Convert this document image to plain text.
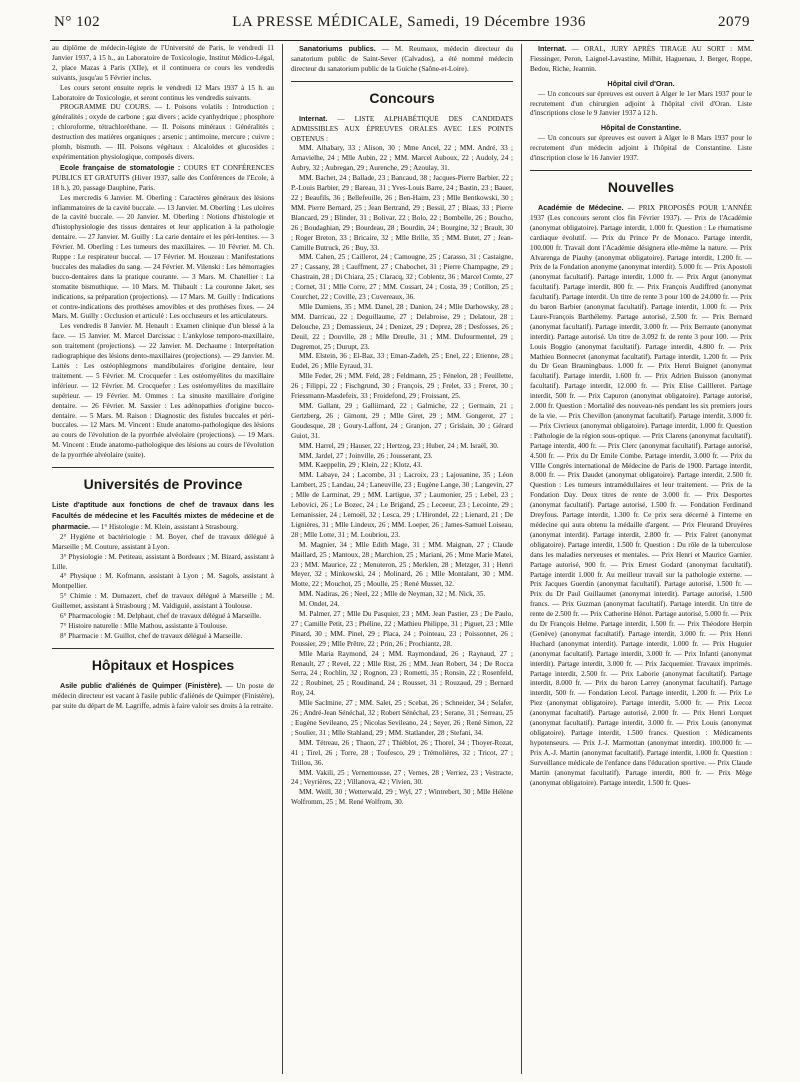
N° 102	LA PRESSE MÉDICALE, Samedi, 19 Décembre 1936	2079

au diplôme de médecin-légiste de l'Université de Paris, le vendredi 11 Janvier 1937, à 15 h., au Laboratoire de Toxicologie, Institut Médico-Légal, 2, place Mazas à Paris (XIIe), et il continuera ce cours les vendredis suivants, jusqu'au 5 Février inclus.

Les cours seront ensuite repris le vendredi 12 Mars 1937 à 15 h. au Laboratoire de Toxicologie, et seront continus les vendredis suivants.

PROGRAMME DU COURS. — I. Poisons volatils : Introduction ; généralités ; oxyde de carbone ; gaz divers ; acide cyanhydrique ; phosphore ; chloroforme, tétrachloréthane. — II. Poisons minéraux : Généralités ; destruction des matières organiques ; arsenic ; antimoine, mercure ; cuivre ; plomb, bismuth. — III. Poisons végétaux : Alcaloïdes et glucosides ; expérimentation physiologique, composés divers.

Ecole française de stomatologie : COURS ET CONFÉRENCES PUBLICS ET GRATUITS (Hiver 1937, salle des Conférences de l'Ecole, à 18 h.), 20, passage Dauphine, Paris.

Les mercredis 6 Janvier. M. Oberling : Caractères généraux des lésions inflammatoires de la cavité buccale. — 13 Janvier. M. Oberling : Les ulcères de la cavité buccale. — 20 Janvier. M. Oberling : Notions d'histologie et d'histophysiologie des tissus dentaires et leur application à la pathologie dentaire. — 27 Janvier. M. Guilly : La carie dentaire et les péri-lentites. — 3 Février. M. Oberling : Les tumeurs des maxillaires. — 10 Février. M. Ch. Ruppe : Le respirateur buccal. — 17 Février. M. Houzeau : Manifestations buccales des maladies du sang. — 24 Février. M. Vilenski : Les hémorragies bucco-dentaires dans la pratique courante. — 3 Mars. M. Chatellier : La stomatite bismuthique. — 10 Mars. M. Thibault : La couronne Jaket, ses indications, sa préparation (projections). — 17 Mars. M. Guilly : Indications et contre-indications des prothèses amovibles et des prothèses fixes. — 24 Mars. M. Guilly : Occlusion et articulé : Les occluseurs et les articulateurs.

Les vendredis 8 Janvier. M. Henault : Examen clinique d'un blessé à la face. — 15 Janvier. M. Marcel Darcissac : L'ankylose temporo-maxillaire, son traitement (projections). — 22 Janvier. M. Dechaume : Interprétation radiographique des lésions dento-maxillaires (projections). — 29 Janvier. M. Lattès : Les ostéophlegmons mandibulaires d'origine dentaire, leur traitement. — 5 Février. M. Crocquefer : Les ostéomyélites du maxillaire inférieur. — 12 Février. M. Crocquefer : Les ostéomyélites du maxillaire supérieur. — 19 Février. M. Ommes : La sinusite maxillaire d'origine dentaire. — 26 Février. M. Sassier : Les adénopathies d'origine bucco-dentaire. — 5 Mars. M. Raison : Diagnostic des fistules buccales et péri-buccales. — 12 Mars. M. Vincent : Etude anatomo-pathologique des lésions au cours de l'évolution de la pyorrhée alvéolaire (projections). — 19 Mars. M. Vincent : Etude anatomo-pathologique des lésions au cours de l'évolution de la pyorrhée alvéolaire (suite).

Universités de Province

Liste d'aptitude aux fonctions de chef de travaux dans les Facultés de médecine et les Facultés mixtes de médecine et de pharmacie. — 1° Histologie : M. Klein, assistant à Strasbourg.

2° Hygiène et bactériologie : M. Boyer, chef de travaux délégué à Marseille ; M. Couture, assistant à Lyon.

3° Physiologie : M. Petiteau, assistant à Bordeaux ; M. Bizard, assistant à Lille.

4° Physique : M. Kofmann, assistant à Lyon ; M. Sagols, assistant à Montpellier.

5° Chimie : M. Dumazert, chef de travaux délégué à Marseille ; M. Guillemet, assistant à Strasbourg ; M. Valdiguié, assistant à Toulouse.

6° Pharmacologie : M. Delphaut, chef de travaux délégué à Marseille.

7° Histoire naturelle : Mlle Mathou, assistante à Toulouse.

8° Pharmacie : M. Guillot, chef de travaux délégué à Marseille.

Hôpitaux et Hospices

Asile public d'aliénés de Quimper (Finistère). — Un poste de médecin directeur est vacant à l'asile public d'aliénés de Quimper (Finistère), par suite du départ de M. Lagriffe, admis à faire valoir ses droits à la retraite.

Sanatoriums publics. — M. Reumaux, médecin directeur du sanatorium public de Saint-Sever (Calvados), a été nommé médecin directeur du sanatorium public de la Guiche (Saône-et-Loire).

Concours

Internat. — LISTE ALPHABÉTIQUE DES CANDIDATS ADMISSIBLES AUX ÉPREUVES ORALES AVEC LES POINTS OBTENUS :

MM. Alhabary, 33 ; Alison, 30 ; Mme Ancel, 22 ; MM. André, 33 ; Arnavielhe, 24 ; Mlle Aubin, 22 ; MM. Marcel Auboux, 22 ; Audoly, 24 ; Aubry, 32 ; Aubregan, 29 ; Aurenche, 29 ; Azoulay, 31.

MM. Bachet, 24 ; Ballade, 23 ; Bancaud, 38 ; Jacques-Pierre Barbier, 22 ; P.-Louis Barbier, 29 ; Bareau, 31 ; Yves-Louis Barre, 24 ; Bastin, 23 ; Bauer, 22 ; Beaufils, 36 ; Bellefeuille, 26 ; Ben-Haim, 23 ; Mlle Bentkowski, 30 ; MM. Pierre Bernard, 25 ; Jean Bertrand, 29 ; Bessil, 27 ; Blaas, 33 ; Pierre Blancard, 29 ; Blinder, 31 ; Bolivar, 22 ; Bolo, 22 ; Bombelle, 26 ; Boucho, 26 ; Boudaghian, 29 ; Bourdeau, 28 ; Bourdin, 24 ; Bourgine, 32 ; Brault, 30 ; Roger Breton, 33 ; Bricaire, 32 ; Mlle Brille, 35 ; MM. Butet, 27 ; Jean-Camille Butruck, 26 ; Buy, 33.

MM. Cahen, 25 ; Caillerot, 24 ; Camougne, 25 ; Carasso, 31 ; Castaigne, 27 ; Cassany, 28 ; Cauffment, 27 ; Chabochet, 31 ; Pierre Champagne, 29 ; Chastrain, 28 ; Di Chiara, 25 ; Claracq, 32 ; Coblentz, 36 ; Marcel Comte, 27 ; Cornet, 31 ; Mlle Corre, 27 ; MM. Cossart, 24 ; Costa, 39 ; Cotillon, 25 ; Courchet, 22 ; Coville, 23 ; Cuvereaux, 36.

Mlle Damiens, 35 ; MM. Danel, 28 ; Danion, 24 ; Mlle Darhowsky, 28 ; MM. Darricau, 22 ; Deguillaume, 27 ; Delabroise, 29 ; Delatour, 28 ; Delouche, 23 ; Demassieux, 24 ; Denizet, 29 ; Deprez, 28 ; Desfosses, 26 ; Deuil, 22 ; Douville, 28 ; Mlle Dreulle, 31 ; MM. Dufourmentel, 29 ; Dugremot, 25 ; Durupt, 23.

MM. Elstein, 36 ; El-Baz, 33 ; Eman-Zadeh, 25 ; Enel, 22 ; Etienne, 28 ; Eudel, 26 ; Mlle Eyraud, 31.

Mlle Feder, 26 ; MM. Feld, 28 ; Feldmann, 25 ; Fénelon, 28 ; Feuillette, 26 ; Filippi, 22 ; Fischgrund, 30 ; François, 29 ; Frelet, 33 ; Freret, 30 ; Friessmann-Masdefeix, 33 ; Froidefond, 29 ; Froissant, 25.

MM. Gallant, 29 ; Galliimard, 22 ; Galmiche, 22 ; Germain, 21 ; Gertzberg, 26 ; Gimont, 29 ; Mlle Giret, 29 ; MM. Gongerot, 27 ; Goudesque, 28 ; Goury-Laffont, 24 ; Granjon, 27 ; Grislain, 30 ; Gérard Guiot, 31.

MM. Harrel, 29 ; Hauser, 22 ; Hertzog, 23 ; Huber, 24 ; M. Israël, 30.

MM. Jardel, 27 ; Joinville, 26 ; Jousserant, 23.

MM. Kaeppelin, 29 ; Klein, 22 ; Klotz, 43.

MM. Labaye, 24 ; Lacombe, 31 ; Lacroix, 23 ; Lajouanine, 35 ; Léon Lambert, 25 ; Landau, 24 ; Laneuville, 23 ; Eugène Lange, 30 ; Langevin, 27 ; Mlle de Larminat, 29 ; MM. Lartigue, 37 ; Laumonier, 25 ; Lebel, 23 ; Lebovici, 26 ; Le Bozec, 24 ; Le Brigand, 25 ; Leceeur, 23 ; Lecointe, 29 ; Lemanissier, 24 ; Lemoël, 32 ; Lesca, 29 ; L'Hirondel, 22 ; Lienard, 21 ; De Lignières, 31 ; Mlle Lindeux, 26 ; MM. Loeper, 26 ; James-Samuel Loiseau, 28 ; Mlle Lotte, 31 ; M. Loubriou, 23.

M. Magnier, 34 ; Mlle Edith Mage, 31 ; MM. Maignan, 27 ; Claude Maillard, 25 ; Mantoux, 28 ; Marchion, 25 ; Mariani, 26 ; Mme Marie Matei, 23 ; MM. Maurice, 22 ; Menuteron, 25 ; Merklen, 28 ; Metzger, 31 ; Henri Meyer, 32 ; Minkowski, 24 ; Molinard, 26 ; Mlle Montalant, 30 ; MM. Motte, 22 ; Mouchot, 25 ; Moulle, 25 ; René Musset, 32.

MM. Nadiras, 26 ; Neel, 22 ; Mlle de Neyman, 32 ; M. Nick, 35.

M. Ondet, 24.

M. Palmer, 27 ; Mlle Du Pasquier, 23 ; MM. Jean Pastier, 23 ; De Paulo, 27 ; Camille Petit, 23 ; Phéline, 22 ; Mathieu Philippe, 31 ; Piguet, 23 ; Mlle Pinard, 30 ; MM. Pinel, 29 ; Placa, 24 ; Pointeau, 23 ; Poissonnet, 26 ; Poussier, 29 ; Mlle Prêtre, 22 ; Prin, 26 ; Prochiantz, 28.

Mlle Maria Raymond, 24 ; MM. Raymondaud, 26 ; Raynaud, 27 ; Renault, 27 ; Revel, 22 ; Mlle Rist, 26 ; MM. Jean Robert, 34 ; De Rocca Serra, 24 ; Rochlin, 32 ; Rognon, 23 ; Rometti, 35 ; Ronsin, 22 ; Rosenfeld, 22 ; Roubinet, 25 ; Roudinand, 24 ; Rousset, 31 ; Rouzaud, 29 ; Bernard Roy, 24.

Mlle Saclmine, 27 ; MM. Salet, 25 ; Scebat, 26 ; Schneider, 34 ; Selafer, 26 ; André-Jean Sénéchal, 32 ; Robert Sénéchal, 23 ; Serane, 31 ; Serreau, 25 ; Eugène Sevileano, 25 ; Nicolas Sevileano, 24 ; Seyer, 26 ; René Simon, 22 ; Soulier, 31 ; Mlle Stahland, 29 ; MM. Statlander, 28 ; Stefani, 34.

MM. Tétreau, 26 ; Thaon, 27 ; Thiéblot, 26 ; Thorel, 34 ; Thoyer-Rozat, 41 ; Tirel, 26 ; Torre, 28 ; Toufesco, 29 ; Trémolières, 32 ; Tricot, 27 ; Trillou, 36.

MM. Vakili, 25 ; Vernemousse, 27 ; Vernes, 28 ; Verriez, 23 ; Vestracte, 24 ; Veyrières, 22 ; Villanova, 42 ; Vivien, 30.

MM. Weill, 30 ; Wetterwald, 29 ; Wyl, 27 ; Wintrebert, 30 ; Mlle Hélène Wolfromm, 25 ; M. René Wolfrom, 30.

Internat. — ORAL, JURY APRÈS TIRAGE AU SORT : MM. Fiessinger, Peron, Laignel-Lavastine, Milhit, Haguenau, J. Berger, Roppe, Bedou, Riche, Jeannin.

Hôpital civil d'Oran.

— Un concours sur épreuves est ouvert à Alger le 1er Mars 1937 pour le recrutement d'un chirurgien adjoint à l'hôpital civil d'Oran. Liste d'inscriptions close le 9 Janvier 1937 à 12 h.

Hôpital de Constantine.

— Un concours sur épreuves est ouvert à Alger le 8 Mars 1937 pour le recrutement d'un médecin adjoint à l'hôpital de Constantine. Liste d'inscription close le 16 Janvier 1937.

Nouvelles

Académie de Médecine. — PRIX PROPOSÉS POUR L'ANNÉE 1937 (Les concours seront clos fin Février 1937). — Prix de l'Académie (anonymat obligatoire). Partage interdit, 1.000 fr. Question : Le rhumatisme cardiaque évolutif. — Prix du Prince Pr de Monaco. Partage interdit, 100.000 fr. Travail dont l'Académie désignera elle-même la nature. — Prix Alvarenga de Piauhy (anonymat obligatoire). Partage interdit, 1.200 fr. — Prix de la Fondation anonyme (anonymat interdit). 5.000 fr. — Prix Apostoli (anonymat facultatif). Partage interdit, 1.000 fr. — Prix Argut (anonymat facultatif). Partage interdit, 800 fr. — Prix François Audiffred (anonymat facultatif). Partage interdit. Un titre de rente 3 pour 100 de 24.000 fr. — Prix du baron Barbier (anonymat facultatif). Partage interdit, 1.000 fr. — Prix Laure-François Barthélemy. Partage autorisé, 2.500 fr. — Prix Bernard (anonymat facultatif). Partage interdit, 3.000 fr. — Prix Berraute (anonymat interdit). Partage autorisé. Un titre de 3.092 fr. de rente 3 pour 100. — Prix Louis Boggio (anonymat facultatif). Partage interdit, 4.800 fr. — Prix Mathieu Bonnecret (anonymat facultatif). Partage interdit, 1.200 fr. — Prix du Dr Gean Brauningbaus. 1.000 fr. — Prix Henri Buignet (anonymat facultatif). Partage interdit, 1.600 fr. — Prix Adrien Buisson (anonymat facultatif). Partage interdit, 12.000 fr. — Prix Elise Caillleret. Partage interdit, 500 fr. — Prix Capuron (anonymat obligatoire). Partage autorisé, 2.000 fr. Question : Mortalité des nouveau-nés pendant les six premiers jours de la vie. — Prix Chevillon (anonymat facultatif). Partage interdit, 3.000 fr. — Prix Civrieux (anonymat obligatoire). Partage interdit, 1.000 fr. Question : Pathologie de la région sous-optique. — Prix Clarens (anonymat facultatif). Partage interdit, 400 fr. — Prix Clerc (anonymat facultatif). Partage autorisé, 4.500 fr. — Prix du Dr Emile Combe. Partage interdit, 3.000 fr. — Prix du VIIIe Congrès international de Médecine de Paris de 1900. Partage interdit, 8.000 fr. — Prix Daudet (anonymat obligatoire). Partage interdit, 2.500 fr. Question : Les tumeurs intramédullaires et leur traitement. — Prix de la Fondation Day. Deux titres de rente de 3.000 fr. — Prix Desportes (anonymat facultatif). Partage autorisé, 1.500 fr. — Fondation Ferdinand Dreyfous. Partage interdit, 1.300 fr. Ce prix sera décerné à l'interne en médecine qui aura obtenu la médaille d'argent. — Prix Fleurand Druyères (anonymat interdit). Partage interdit, 2.800 fr. — Prix Falret (anonymat obligatoire). Partage interdit, 1.500 fr. Question : Du rôle de la tuberculose dans les maladies nerveuses et mentales. — Prix Henri et Maurice Garnier. Partage autorisé, 900 fr. — Prix Ernest Godard (anonymat facultatif). Partage interdit 1.000 fr. Au meilleur travail sur la pathologie externe. — Prix Jacques Guerdin (anonymat facultatif). Partage autorisé, 1.500 fr. — Prix du Dr Paul Guillaumet (anonymat interdit). Partage autorisé, 1.500 francs. — Prix Guzman (anonymat facultatif). Partage interdit. Un titre de rente de 2.500 fr. — Prix Catherine Hénot. Partage autorisé, 5.000 fr. — Prix du Dr François Helme. Partage interdit, 1.500 fr. — Prix Théodore Herpin (Genève) (anonymat facultatif). Partage interdit, 3.000 fr. — Prix Henri Huchard (anonymat interdit). Partage interdit, 1.000 fr. — Prix Huguier (anonymat facultatif). Partage interdit, 3.000 fr. — Prix Infanti (anonymat interdit). Partage interdit, 3.000 fr. — Prix Jacquemier. Travaux imprimés. Partage interdit, 2.500 fr. — Prix Laborie (anonymat facultatif). Partage interdit, 8.000 fr. — Prix du baron Larrey (anonymat facultatif). Partage interdit, 500 fr. — Fondation Lecol. Partage interdit, 1.200 fr. — Prix Le Piez (anonymat obligatoire). Partage interdit, 5.000 fr. — Prix Lecoz (anonymat facultatif). Partage autorisé, 2.000 fr. — Prix Henri Lorquet (anonymat facultatif). Partage interdit, 3.000 fr. — Prix Louis (anonymat obligatoire). Partage interdit, 1.500 francs. Question : Médicaments hypotenseurs. — Prix J.-J. Marmottan (anonymat interdit). 100.000 fr. — Prix A.-J. Martin (anonymat facultatif). Partage interdit, 1.000 fr. Question : Surveillance médicale de l'enfance dans l'éducation sportive. — Prix Claude Martin (anonymat facultatif). Partage interdit, 800 fr. — Prix Mège (anonymat obligatoire). Partage interdit, 1.500 fr. Ques-
